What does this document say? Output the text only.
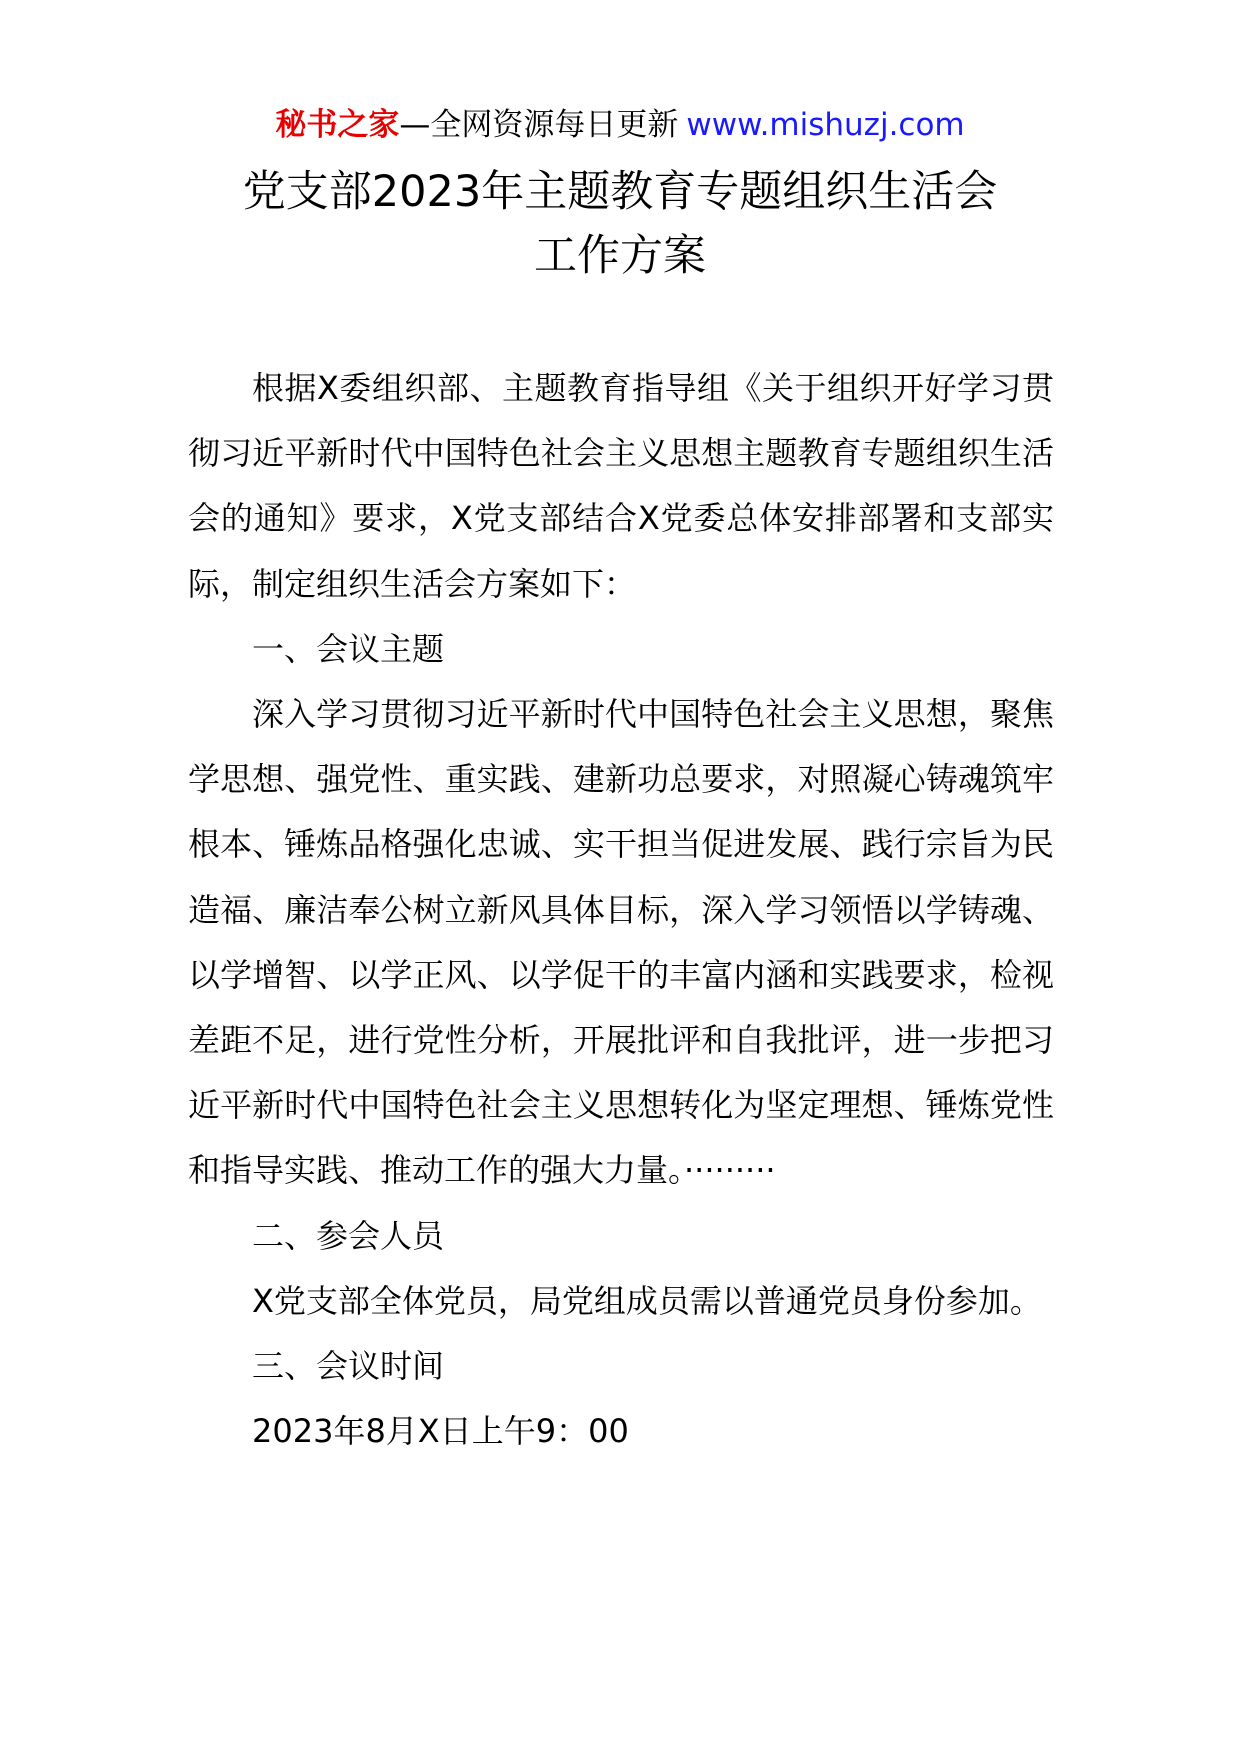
秘书之家—全网资源每日更新 www.mishuzj.com
党支部2023年主题教育专题组织生活会
工作方案

根据X委组织部、主题教育指导组《关于组织开好学习贯彻习近平新时代中国特色社会主义思想主题教育专题组织生活会的通知》要求，X党支部结合X党委总体安排部署和支部实际，制定组织生活会方案如下：

一、会议主题

深入学习贯彻习近平新时代中国特色社会主义思想，聚焦学思想、强党性、重实践、建新功总要求，对照凝心铸魂筑牢根本、锤炼品格强化忠诚、实干担当促进发展、践行宗旨为民造福、廉洁奉公树立新风具体目标，深入学习领悟以学铸魂、以学增智、以学正风、以学促干的丰富内涵和实践要求，检视差距不足，进行党性分析，开展批评和自我批评，进一步把习近平新时代中国特色社会主义思想转化为坚定理想、锤炼党性和指导实践、推动工作的强大力量。·········

二、参会人员

X党支部全体党员，局党组成员需以普通党员身份参加。

三、会议时间

2023年8月X日上午9：00
